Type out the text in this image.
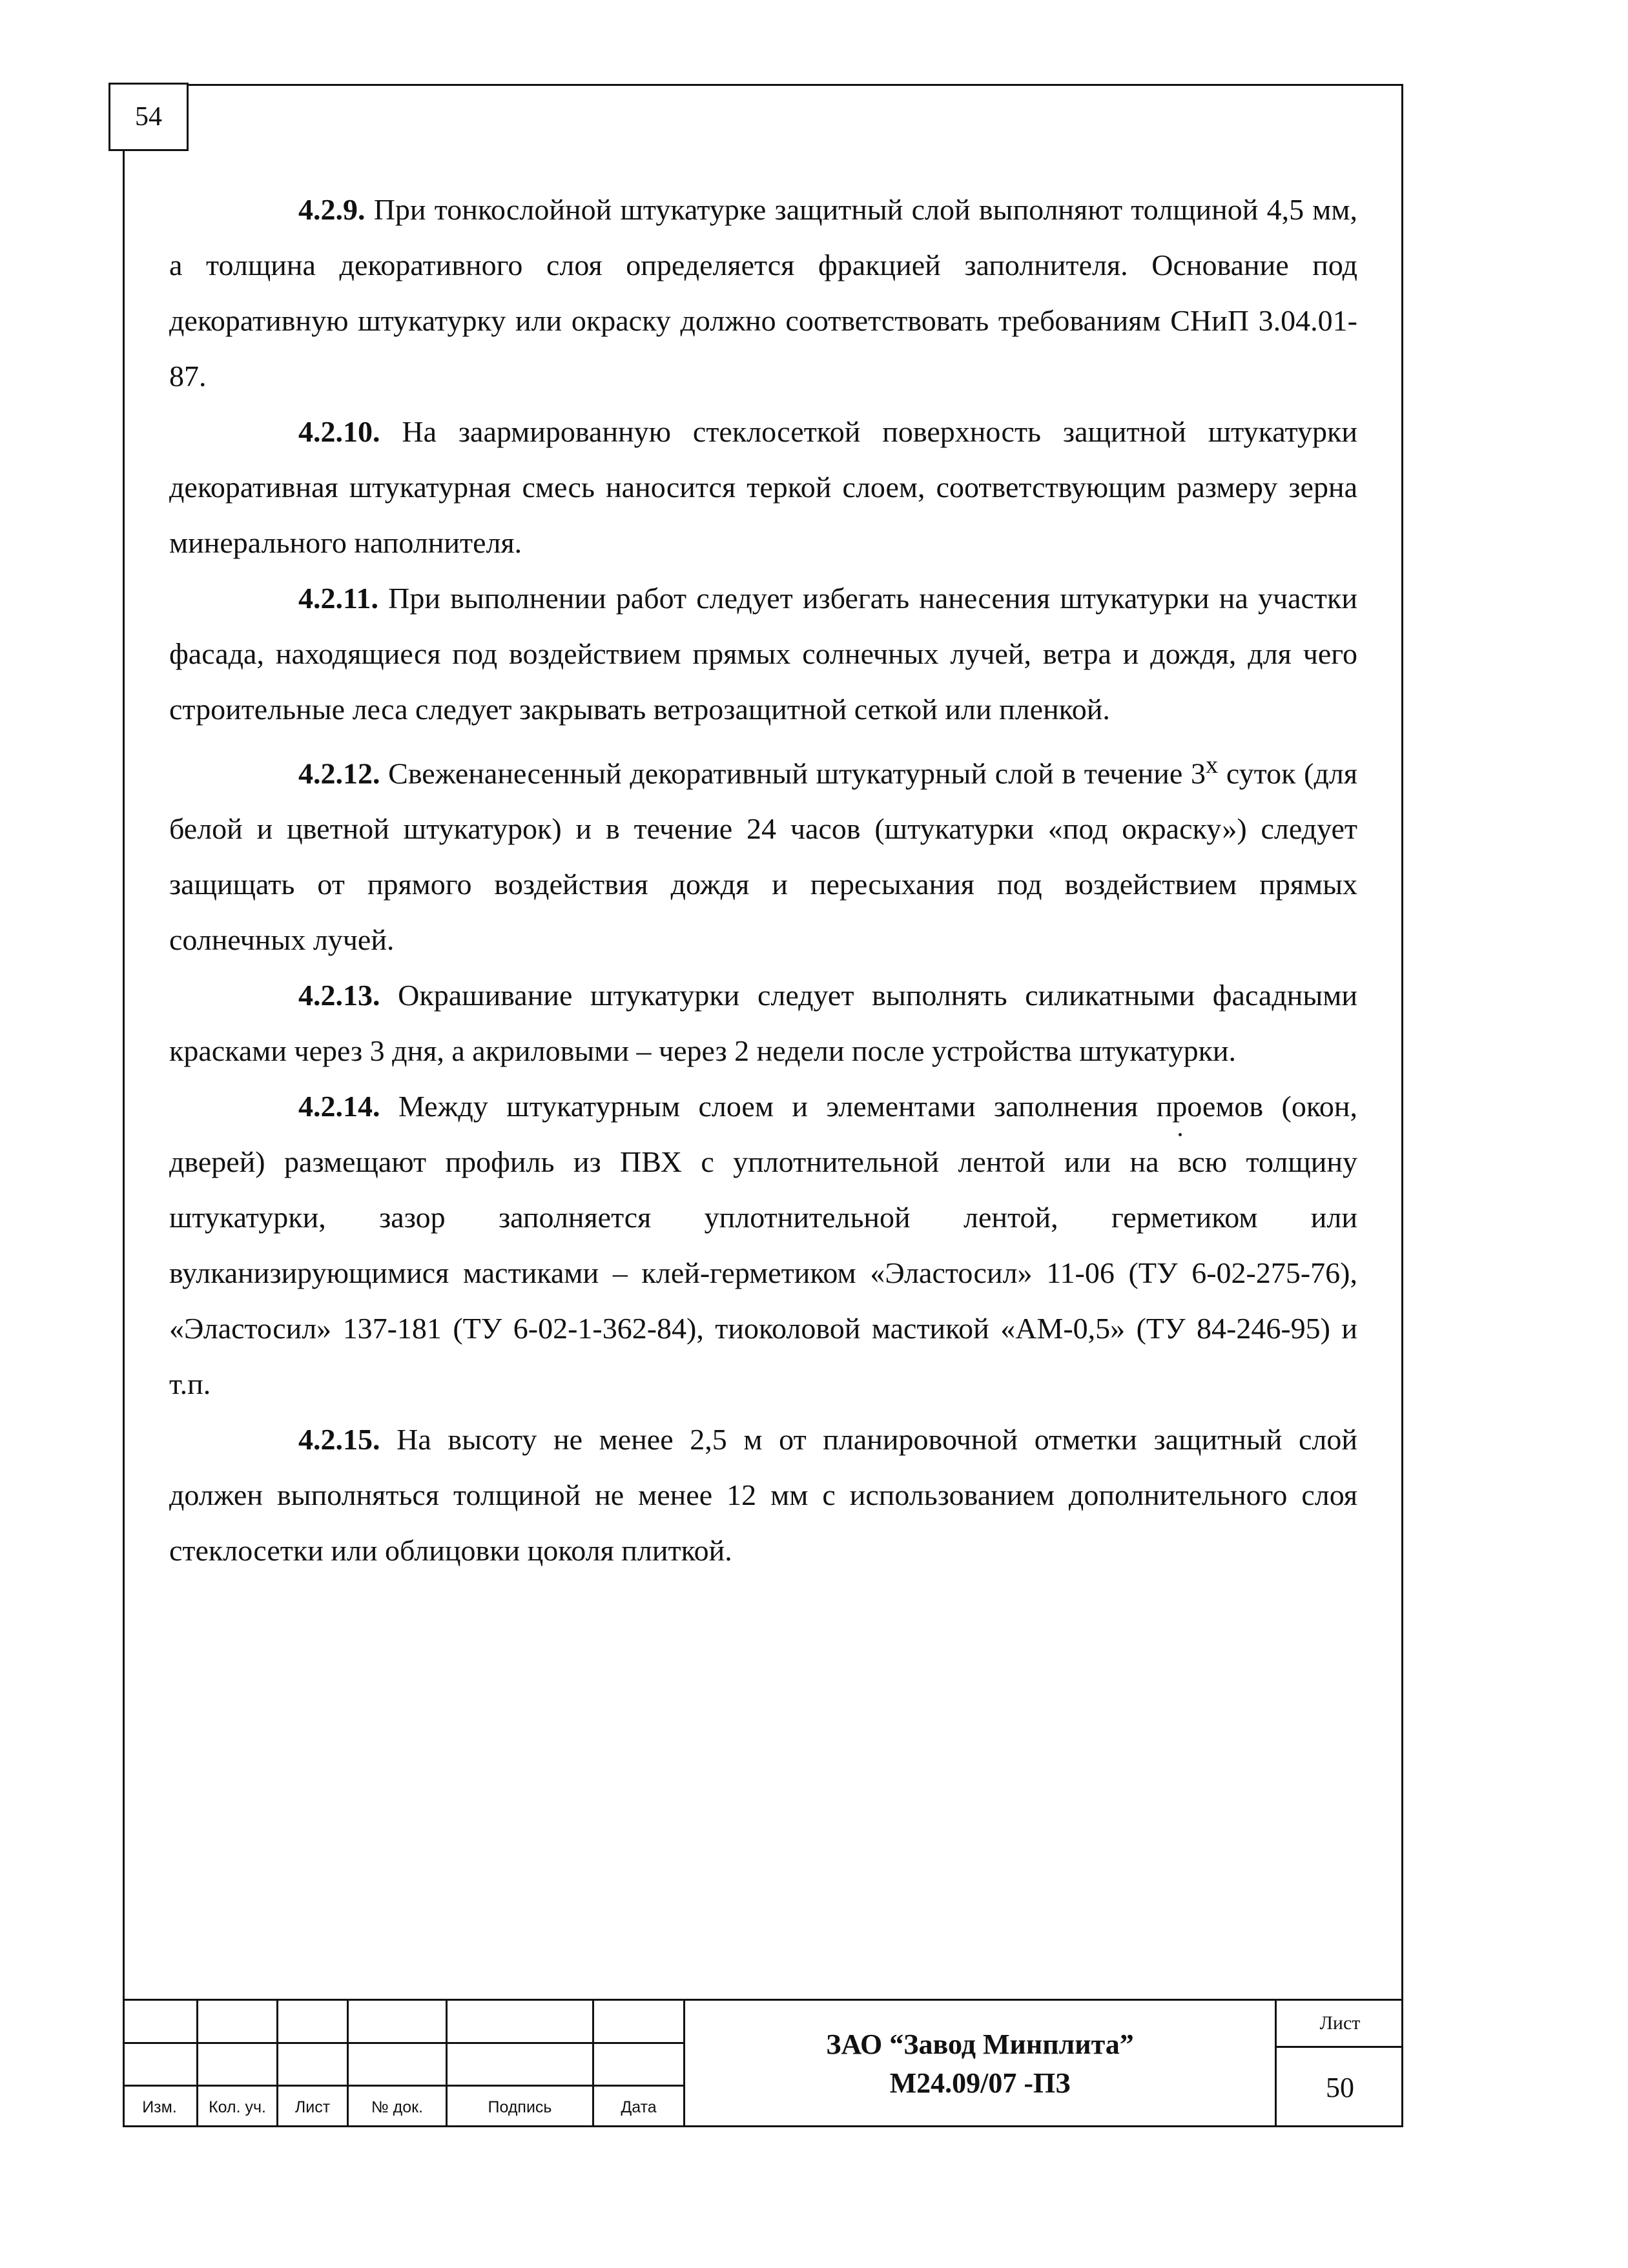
54

4.2.9. При тонкослойной штукатурке защитный слой выполняют толщиной 4,5 мм, а толщина декоративного слоя определяется фракцией заполнителя. Основание под декоративную штукатурку или окраску должно соответствовать требованиям СНиП 3.04.01-87.

4.2.10. На заармированную стеклосеткой поверхность защитной штукатурки декоративная штукатурная смесь наносится теркой слоем, соответствующим размеру зерна минерального наполнителя.

4.2.11. При выполнении работ следует избегать нанесения штукатурки на участки фасада, находящиеся под воздействием прямых солнечных лучей, ветра и дождя, для чего строительные леса следует закрывать ветрозащитной сеткой или пленкой.

4.2.12. Свеженанесенный декоративный штукатурный слой в течение $3^х$ суток (для белой и цветной штукатурок) и в течение 24 часов (штукатурки «под окраску») следует защищать от прямого воздействия дождя и пересыхания под воздействием прямых солнечных лучей.

4.2.13. Окрашивание штукатурки следует выполнять силикатными фасадными красками через 3 дня, а акриловыми – через 2 недели после устройства штукатурки.

4.2.14. Между штукатурным слоем и элементами заполнения проемов (окон, дверей) размещают профиль из ПВХ с уплотнительной лентой или на всю толщину штукатурки, зазор заполняется уплотнительной лентой, герметиком или вулканизирующимися мастиками – клей-герметиком «Эластосил» 11-06 (ТУ 6-02-275-76), «Эластосил» 137-181 (ТУ 6-02-1-362-84), тиоколовой мастикой «АМ-0,5» (ТУ 84-246-95) и т.п.

4.2.15. На высоту не менее 2,5 м от планировочной отметки защитный слой должен выполняться толщиной не менее 12 мм с использованием дополнительного слоя стеклосетки или облицовки цоколя плиткой.

Изм.	Кол. уч.	Лист	№ док.	Подпись	Дата
ЗАО “Завод Минплита”
М24.09/07 -ПЗ
Лист
50
